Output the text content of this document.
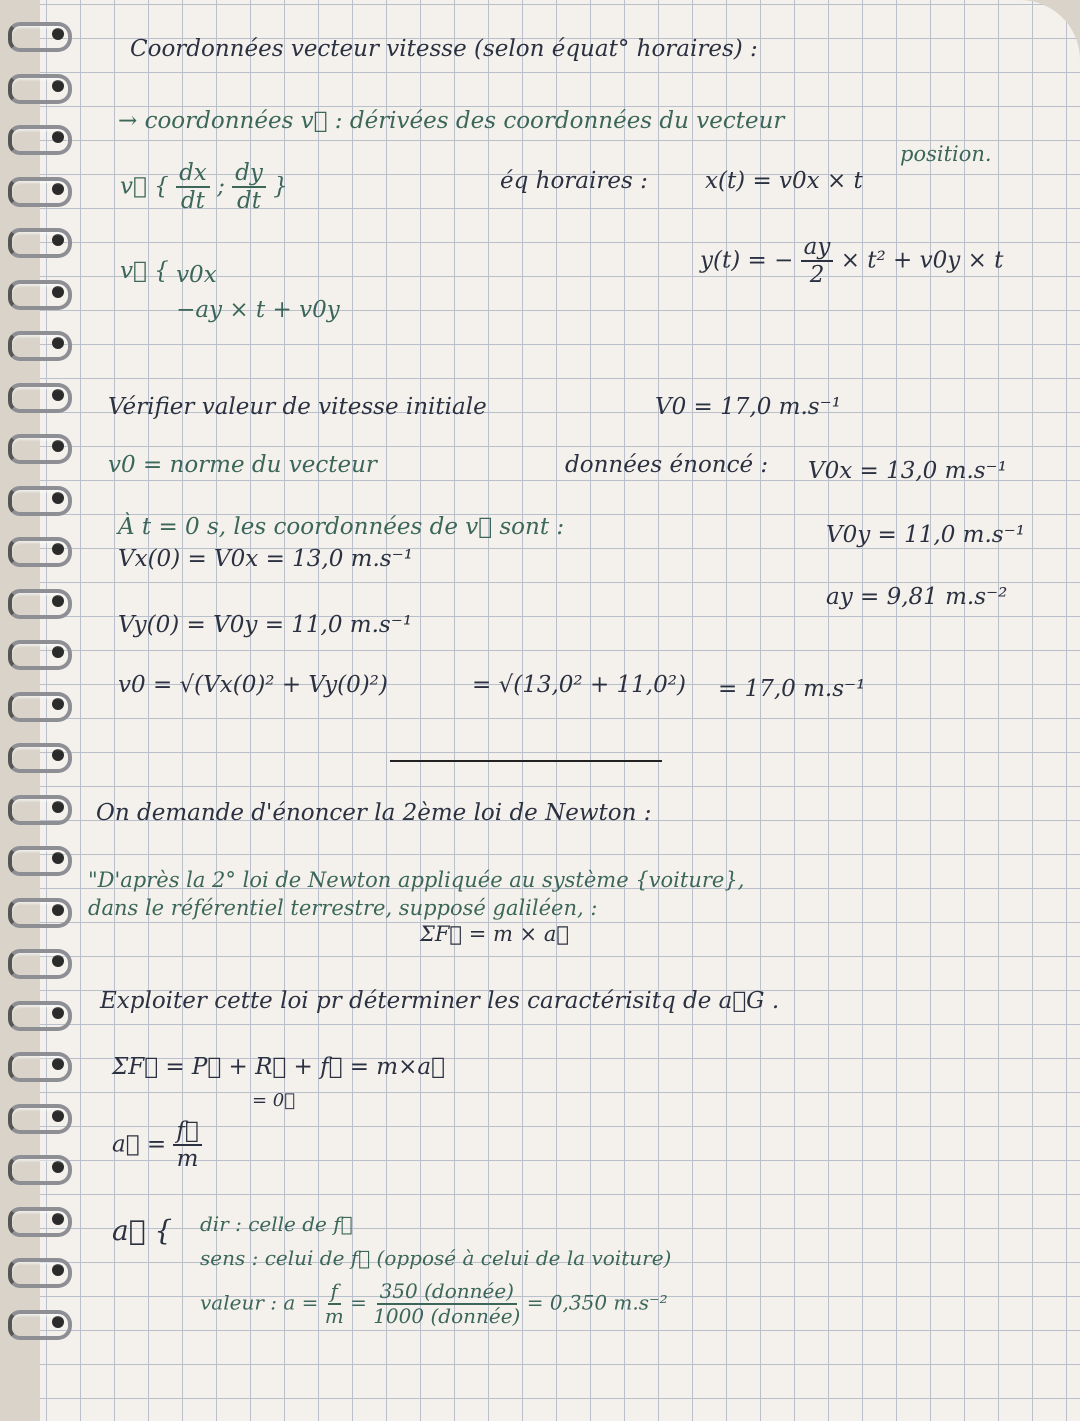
Coordonnées vecteur vitesse (selon équat° horaires) :
→ coordonnées v⃗ : dérivées des coordonnées du vecteur
position.
v⃗ { $\frac{dx}{dt}$ ; $\frac{dy}{dt}$ }	éq horaires : x(t) = v0x × t
y(t) = − $\frac{ay}{2} \times t^2 + v0y \times t$
v⃗ { v0x
−ay × t + v0y
Vérifier valeur de vitesse initiale	V0 = 17,0 m.s⁻¹
v0 = norme du vecteur	données énoncé : V0x = 13,0 m.s⁻¹
V0y = 11,0 m.s⁻¹
ay = 9,81 m.s⁻²
À t = 0 s, les coordonnées de v⃗ sont :
Vx(0) = V0x = 13,0 m.s⁻¹
Vy(0) = V0y = 11,0 m.s⁻¹
v0 = √(Vx(0)² + Vy(0)²)	= √(13,0² + 11,0²) = 17,0 m.s⁻¹
On demande d'énoncer la 2ème loi de Newton :
"D'après la 2° loi de Newton appliquée au système {voiture},
dans le référentiel terrestre, supposé galiléen, :
ΣF⃗ = m × a⃗
Exploiter cette loi pr déterminer les caractérisitq de a⃗G .
ΣF⃗ = P⃗ + R⃗ + f⃗ = m×a⃗
= 0⃗
a⃗ = $\frac{f⃗}{m}$
a⃗ { dir : celle de f⃗
sens : celui de f⃗ (opposé à celui de la voiture)
valeur : $a = \frac{f}{m} = \frac{\text{350 (donnée)}}{\text{1000 (donnée)}} = 0,350$ m.s⁻²
